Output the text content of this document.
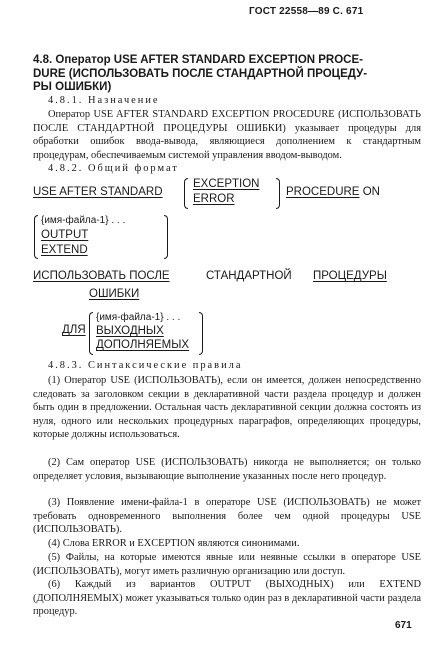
ГОСТ 22558—89 С. 671
4.8. Оператор USE AFTER STANDARD EXCEPTION PROCE-
DURE (ИСПОЛЬЗОВАТЬ ПОСЛЕ СТАНДАРТНОЙ ПРОЦЕДУ-
РЫ ОШИБКИ)
4.8.1. Назначение
Оператор USE AFTER STANDARD EXCEPTION PROCEDURE (ИСПОЛЬЗОВАТЬ ПОСЛЕ СТАНДАРТНОЙ ПРОЦЕДУРЫ ОШИБКИ) указывает процедуры для обработки ошибок ввода-вывода, являющиеся дополнением к стандартным процедурам, обеспечиваемым системой управления вводом-выводом.
4.8.2. Общий формат
USE AFTER STANDARD
EXCEPTION
ERROR
PROCEDURE ON
{имя-файла-1} . . .
OUTPUT
EXTEND
ИСПОЛЬЗОВАТЬ ПОСЛЕ	СТАНДАРТНОЙ ПРОЦЕДУРЫ
ОШИБКИ
ДЛЯ
{имя-файла-1} . . .
ВЫХОДНЫХ
ДОПОЛНЯЕМЫХ
4.8.3. Синтаксические правила
(1) Оператор USE (ИСПОЛЬЗОВАТЬ), если он имеется, должен непосредственно следовать за заголовком секции в декларативной части раздела процедур и должен быть один в предложении. Остальная часть декларативной секции должна состоять из нуля, одного или нескольких процедурных параграфов, определяющих процедуры, которые должны использоваться.
(2) Сам оператор USE (ИСПОЛЬЗОВАТЬ) никогда не выполняется; он только определяет условия, вызывающие выполнение указанных после него процедур.
(3) Появление имени-файла-1 в операторе USE (ИСПОЛЬЗОВАТЬ) не может требовать одновременного выполнения более чем одной процедуры USE (ИСПОЛЬЗОВАТЬ).
(4) Слова ERROR и EXCEPTION являются синонимами.
(5) Файлы, на которые имеются явные или неявные ссылки в операторе USE (ИСПОЛЬЗОВАТЬ), могут иметь различную организацию или доступ.
(6) Каждый из вариантов OUTPUT (ВЫХОДНЫХ) или EXTEND (ДОПОЛНЯЕМЫХ) может указываться только один раз в декларативной части раздела процедур.
671
